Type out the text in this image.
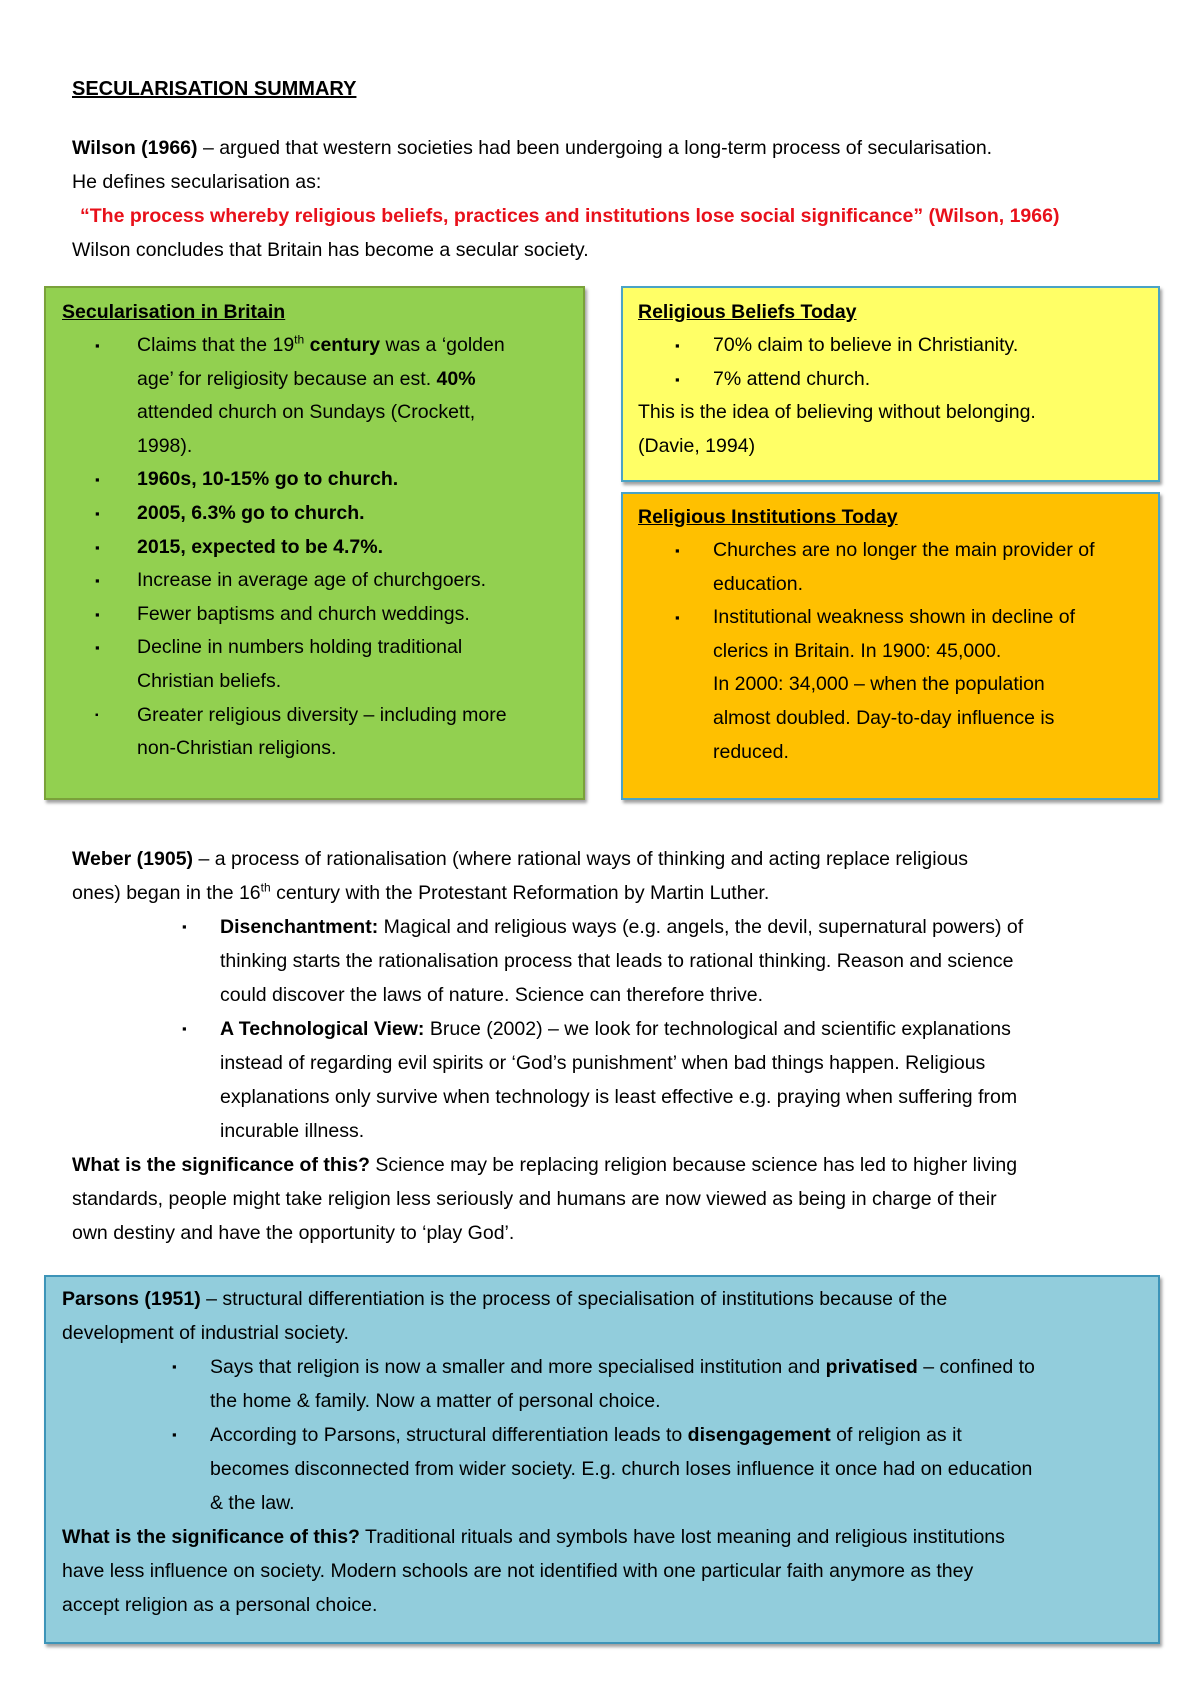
SECULARISATION SUMMARY
Wilson (1966) – argued that western societies had been undergoing a long-term process of secularisation.
He defines secularisation as:
“The process whereby religious beliefs, practices and institutions lose social significance” (Wilson, 1966)
Wilson concludes that Britain has become a secular society.
Secularisation in Britain
▪ Claims that the 19th century was a ‘golden
age’ for religiosity because an est. 40%
attended church on Sundays (Crockett,
1998).
▪ 1960s, 10-15% go to church.
▪ 2005, 6.3% go to church.
▪ 2015, expected to be 4.7%.
▪ Increase in average age of churchgoers.
▪ Fewer baptisms and church weddings.
▪ Decline in numbers holding traditional
Christian beliefs.
▪ Greater religious diversity – including more
non-Christian religions.
Religious Beliefs Today
▪ 70% claim to believe in Christianity.
▪ 7% attend church.
This is the idea of believing without belonging.
(Davie, 1994)
Religious Institutions Today
▪ Churches are no longer the main provider of
education.
▪ Institutional weakness shown in decline of
clerics in Britain. In 1900: 45,000.
In 2000: 34,000 – when the population
almost doubled. Day-to-day influence is
reduced.
Weber (1905) – a process of rationalisation (where rational ways of thinking and acting replace religious
ones) began in the 16th century with the Protestant Reformation by Martin Luther.
▪ Disenchantment: Magical and religious ways (e.g. angels, the devil, supernatural powers) of
thinking starts the rationalisation process that leads to rational thinking. Reason and science
could discover the laws of nature. Science can therefore thrive.
▪ A Technological View: Bruce (2002) – we look for technological and scientific explanations
instead of regarding evil spirits or ‘God’s punishment’ when bad things happen. Religious
explanations only survive when technology is least effective e.g. praying when suffering from
incurable illness.
What is the significance of this? Science may be replacing religion because science has led to higher living
standards, people might take religion less seriously and humans are now viewed as being in charge of their
own destiny and have the opportunity to ‘play God’.
Parsons (1951) – structural differentiation is the process of specialisation of institutions because of the
development of industrial society.
▪ Says that religion is now a smaller and more specialised institution and privatised – confined to
the home & family. Now a matter of personal choice.
▪ According to Parsons, structural differentiation leads to disengagement of religion as it
becomes disconnected from wider society. E.g. church loses influence it once had on education
& the law.
What is the significance of this? Traditional rituals and symbols have lost meaning and religious institutions
have less influence on society. Modern schools are not identified with one particular faith anymore as they
accept religion as a personal choice.
